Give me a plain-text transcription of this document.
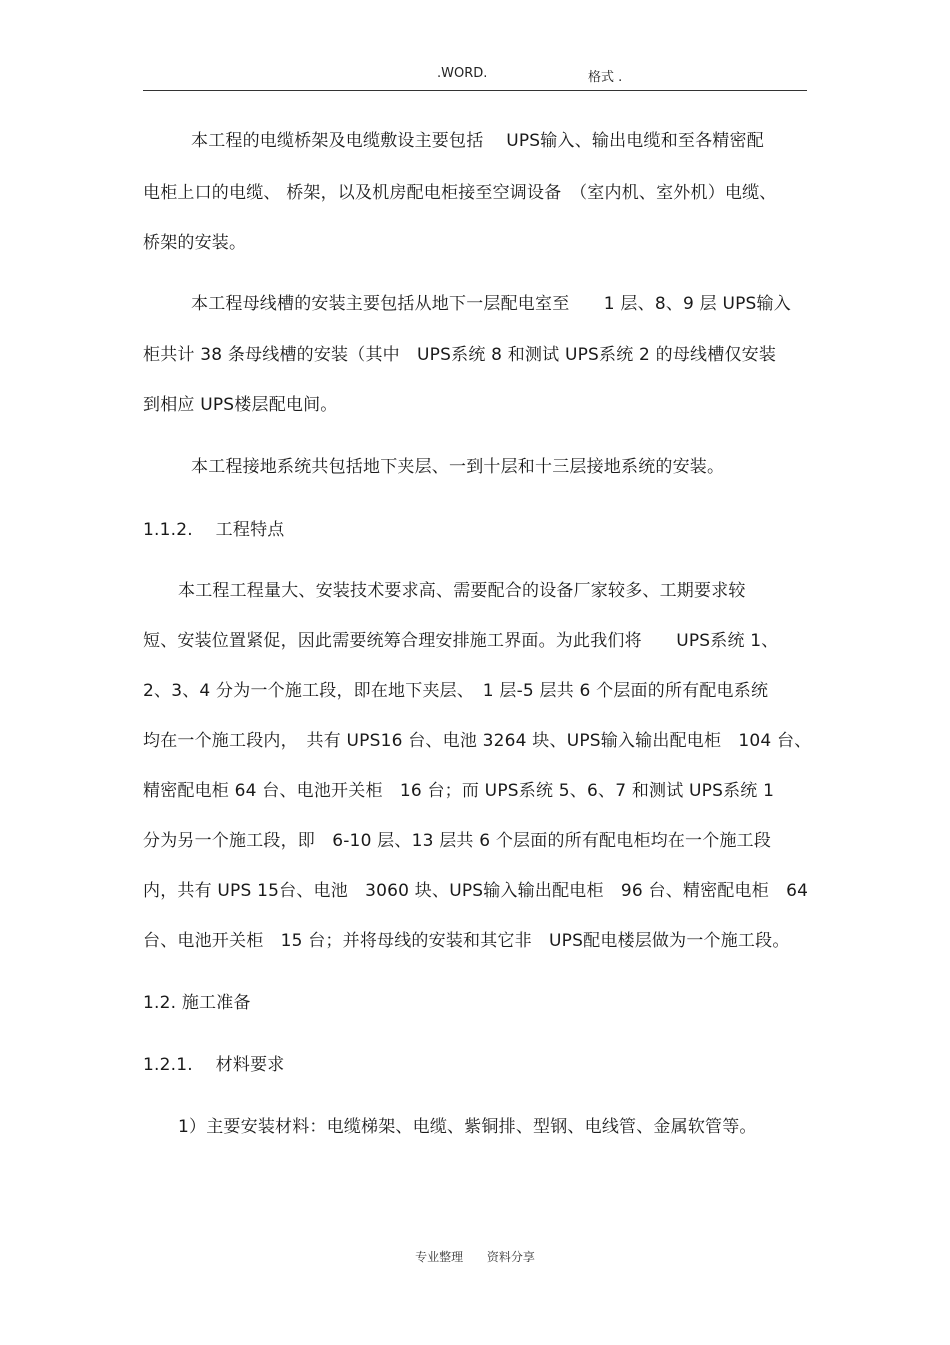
.WORD.	格式 .
本工程的电缆桥架及电缆敷设主要包括　 UPS输入、输出电缆和至各精密配
电柜上口的电缆、 桥架，以及机房配电柜接至空调设备　（室内机、室外机）电缆、
桥架的安装。
本工程母线槽的安装主要包括从地下一层配电室至　　1 层、8、9 层 UPS输入
柜共计 38 条母线槽的安装（其中　UPS系统 8 和测试 UPS系统 2 的母线槽仅安装
到相应 UPS楼层配电间。
本工程接地系统共包括地下夹层、一到十层和十三层接地系统的安装。
1.1.2.　 工程特点
本工程工程量大、安装技术要求高、需要配合的设备厂家较多、工期要求较
短、安装位置紧促，因此需要统筹合理安排施工界面。为此我们将　　UPS系统 1、
2、3、4 分为一个施工段，即在地下夹层、　1 层-5 层共 6 个层面的所有配电系统
均在一个施工段内，　共有 UPS16 台、电池 3264 块、UPS输入输出配电柜　104 台、
精密配电柜 64 台、电池开关柜　16 台；而 UPS系统 5、6、7 和测试 UPS系统 1
分为另一个施工段，即　6-10 层、13 层共 6 个层面的所有配电柜均在一个施工段
内，共有 UPS 15台、电池　3060 块、UPS输入输出配电柜　96 台、精密配电柜　64
台、电池开关柜　15 台；并将母线的安装和其它非　UPS配电楼层做为一个施工段。
1.2. 施工准备
1.2.1.　 材料要求
1）主要安装材料：电缆梯架、电缆、紫铜排、型钢、电线管、金属软管等。
专业整理 资料分享
